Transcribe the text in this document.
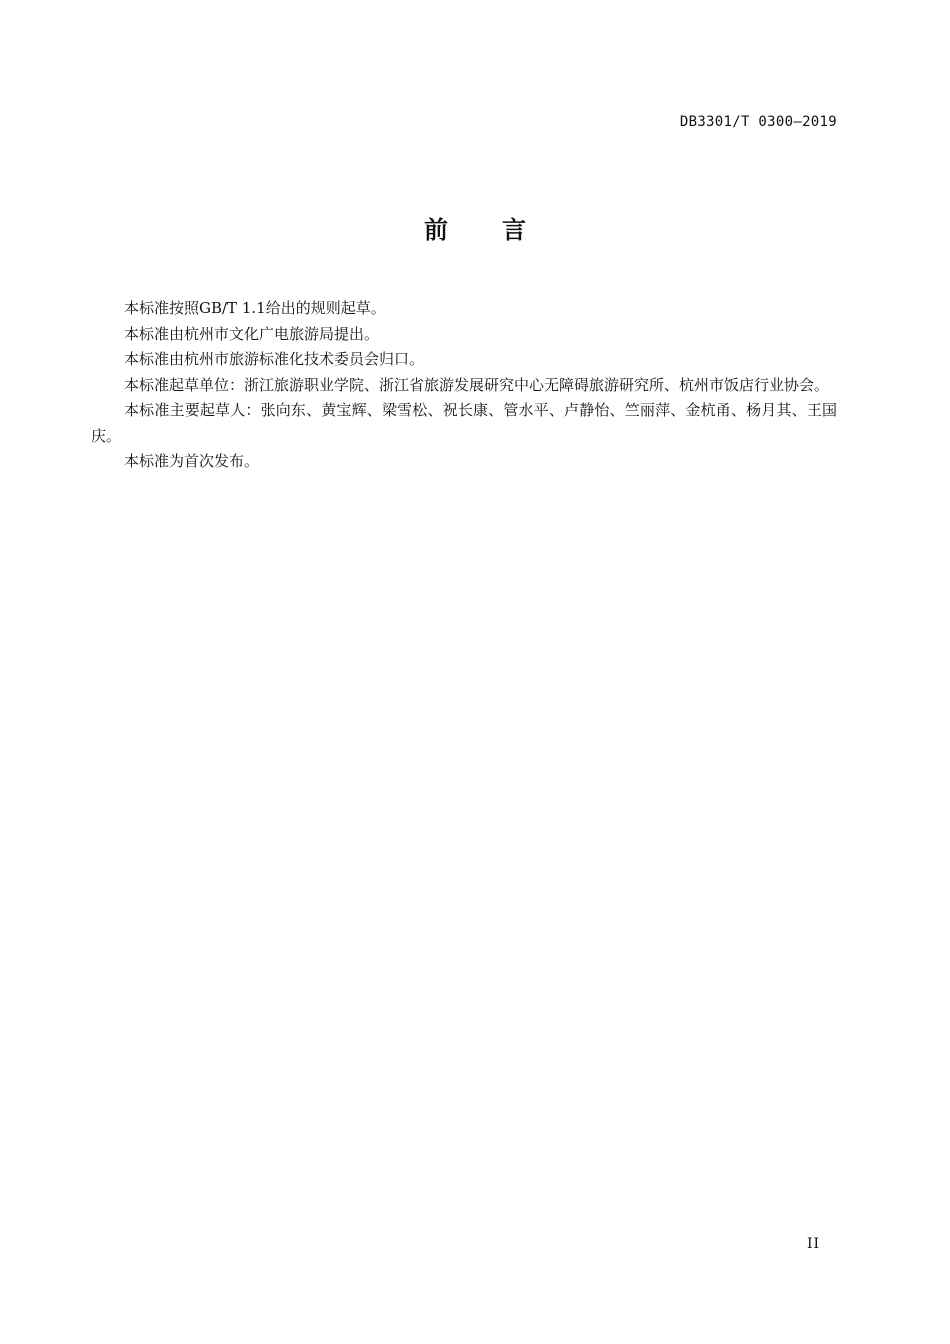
DB3301/T 0300—2019
前言

本标准按照GB/T 1.1给出的规则起草。

本标准由杭州市文化广电旅游局提出。

本标准由杭州市旅游标准化技术委员会归口。

本标准起草单位：浙江旅游职业学院、浙江省旅游发展研究中心无障碍旅游研究所、杭州市饭店行业协会。

本标准主要起草人：张向东、黄宝辉、梁雪松、祝长康、管水平、卢静怡、竺丽萍、金杭甬、杨月其、王国庆。

本标准为首次发布。

II
